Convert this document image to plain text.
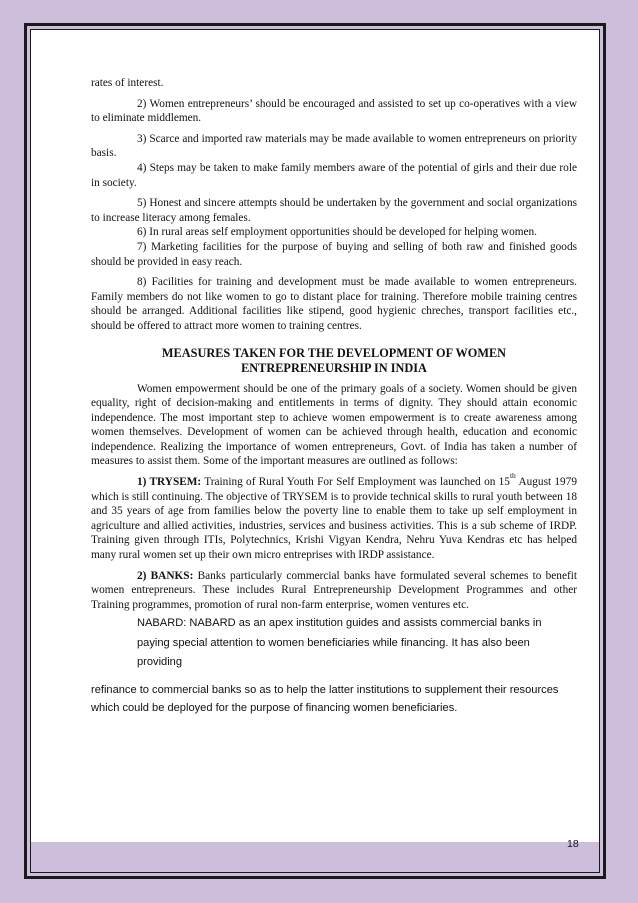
rates of interest.

2) Women entrepreneurs’ should be encouraged and assisted to set up co-operatives with a view to eliminate middlemen.

3) Scarce and imported raw materials may be made available to women entrepreneurs on priority basis.

4) Steps may be taken to make family members aware of the potential of girls and their due role in society.

5) Honest and sincere attempts should be undertaken by the government and social organizations to increase literacy among females.

6) In rural areas self employment opportunities should be developed for helping women.

7) Marketing facilities for the purpose of buying and selling of both raw and finished goods should be provided in easy reach.

8) Facilities for training and development must be made available to women entrepreneurs. Family members do not like women to go to distant place for training. Therefore mobile training centres should be arranged. Additional facilities like stipend, good hygienic chreches, transport facilities etc., should be offered to attract more women to training centres.

MEASURES TAKEN FOR THE DEVELOPMENT OF WOMEN
ENTREPRENEURSHIP IN INDIA

Women empowerment should be one of the primary goals of a society. Women should be given equality, right of decision-making and entitlements in terms of dignity. They should attain economic independence. The most important step to achieve women empowerment is to create awareness among women themselves. Development of women can be achieved through health, education and economic independence. Realizing the importance of women entrepreneurs, Govt. of India has taken a number of measures to assist them. Some of the important measures are outlined as follows:

1) TRYSEM: Training of Rural Youth For Self Employment was launched on 15th August 1979 which is still continuing. The objective of TRYSEM is to provide technical skills to rural youth between 18 and 35 years of age from families below the poverty line to enable them to take up self employment in agriculture and allied activities, industries, services and business activities. This is a sub scheme of IRDP. Training given through ITIs, Polytechnics, Krishi Vigyan Kendra, Nehru Yuva Kendras etc has helped many rural women set up their own micro entreprises with IRDP assistance.

2) BANKS: Banks particularly commercial banks have formulated several schemes to benefit women entrepreneurs. These includes Rural Entrepreneurship Development Programmes and other Training programmes, promotion of rural non-farm enterprise, women ventures etc.

NABARD: NABARD as an apex institution guides and assists commercial banks in paying special attention to women beneficiaries while financing. It has also been providing

refinance to commercial banks so as to help the latter institutions to supplement their resources which could be deployed for the purpose of financing women beneficiaries.

18
